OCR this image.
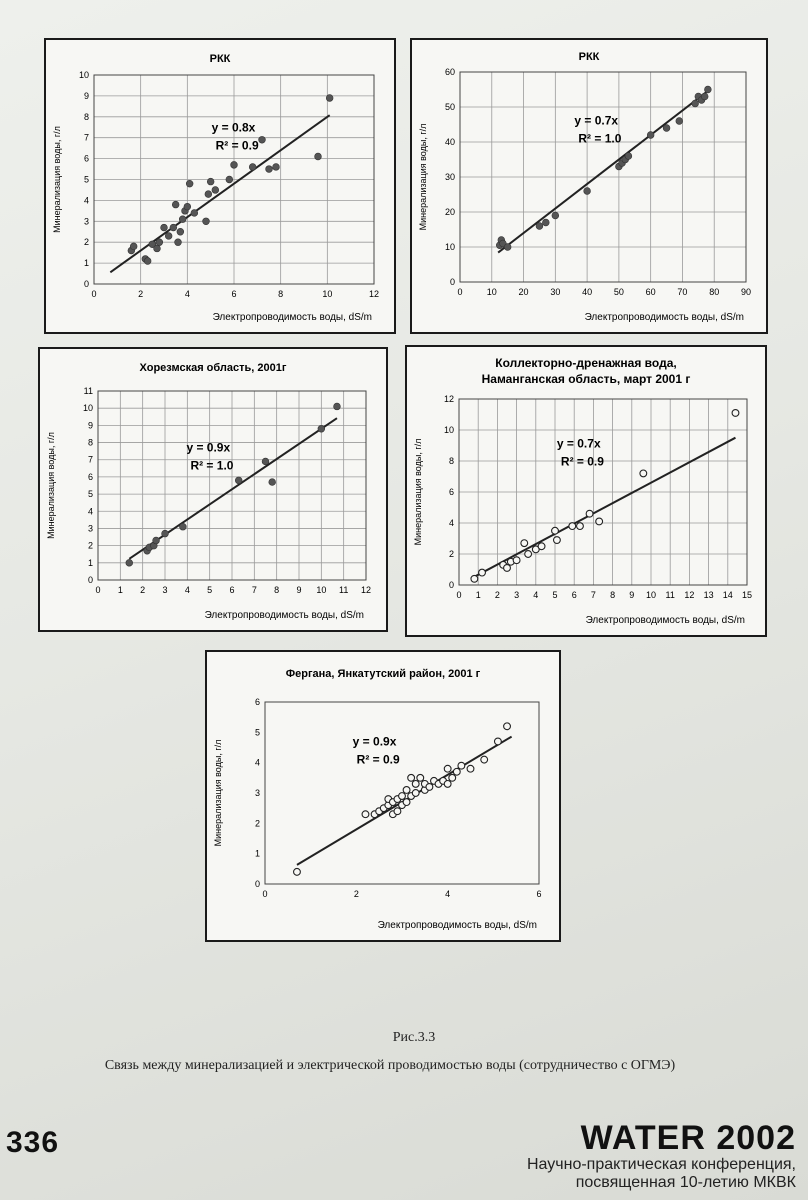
РКК
0	2	4	6	8	10	12
0
1
2
3
4
5
6
7
8
9
10
Электропроводимость воды, dS/m
Минерализация воды, г/л	y = 0.8x
R² = 0.9
РКК
0	10 20 30 40 50 60 70 80 90
0
10
20
30
40
50
60
Электропроводимость воды, dS/m
Минерализация воды, г/л
y = 0.7x
R² = 1.0
Хорезмская область, 2001г
0 1 2 3 4 5 6 7 8 9 10 11 12
0
1
2
3
4
5
6
7
8
9
10
11
Электропроводимость воды, dS/m
Минерализация воды, г/л	y = 0.9x
R² = 1.0
Коллекторно-дренажная вода,
Наманганская область, март 2001 г
0 1 2 3 4 5 6 7 8 9 10 11 12 13 14 15
0
2
4
6
8
10
12
Электропроводимость воды, dS/m
Минерализация воды, г/л	y = 0.7x
R² = 0.9
Фергана, Янкатутский район, 2001 г
0	2	4	6
0
1
2
3
4
5
6
Электропроводимость воды, dS/m
Минерализация воды, г/л	y = 0.9x
R² = 0.9
Рис.3.3
Связь между минерализацией и электрической проводимостью воды (сотрудничество с ОГМЭ)
336	WATER 2002
Научно-практическая конференция,
посвященная 10-летию МКВК
